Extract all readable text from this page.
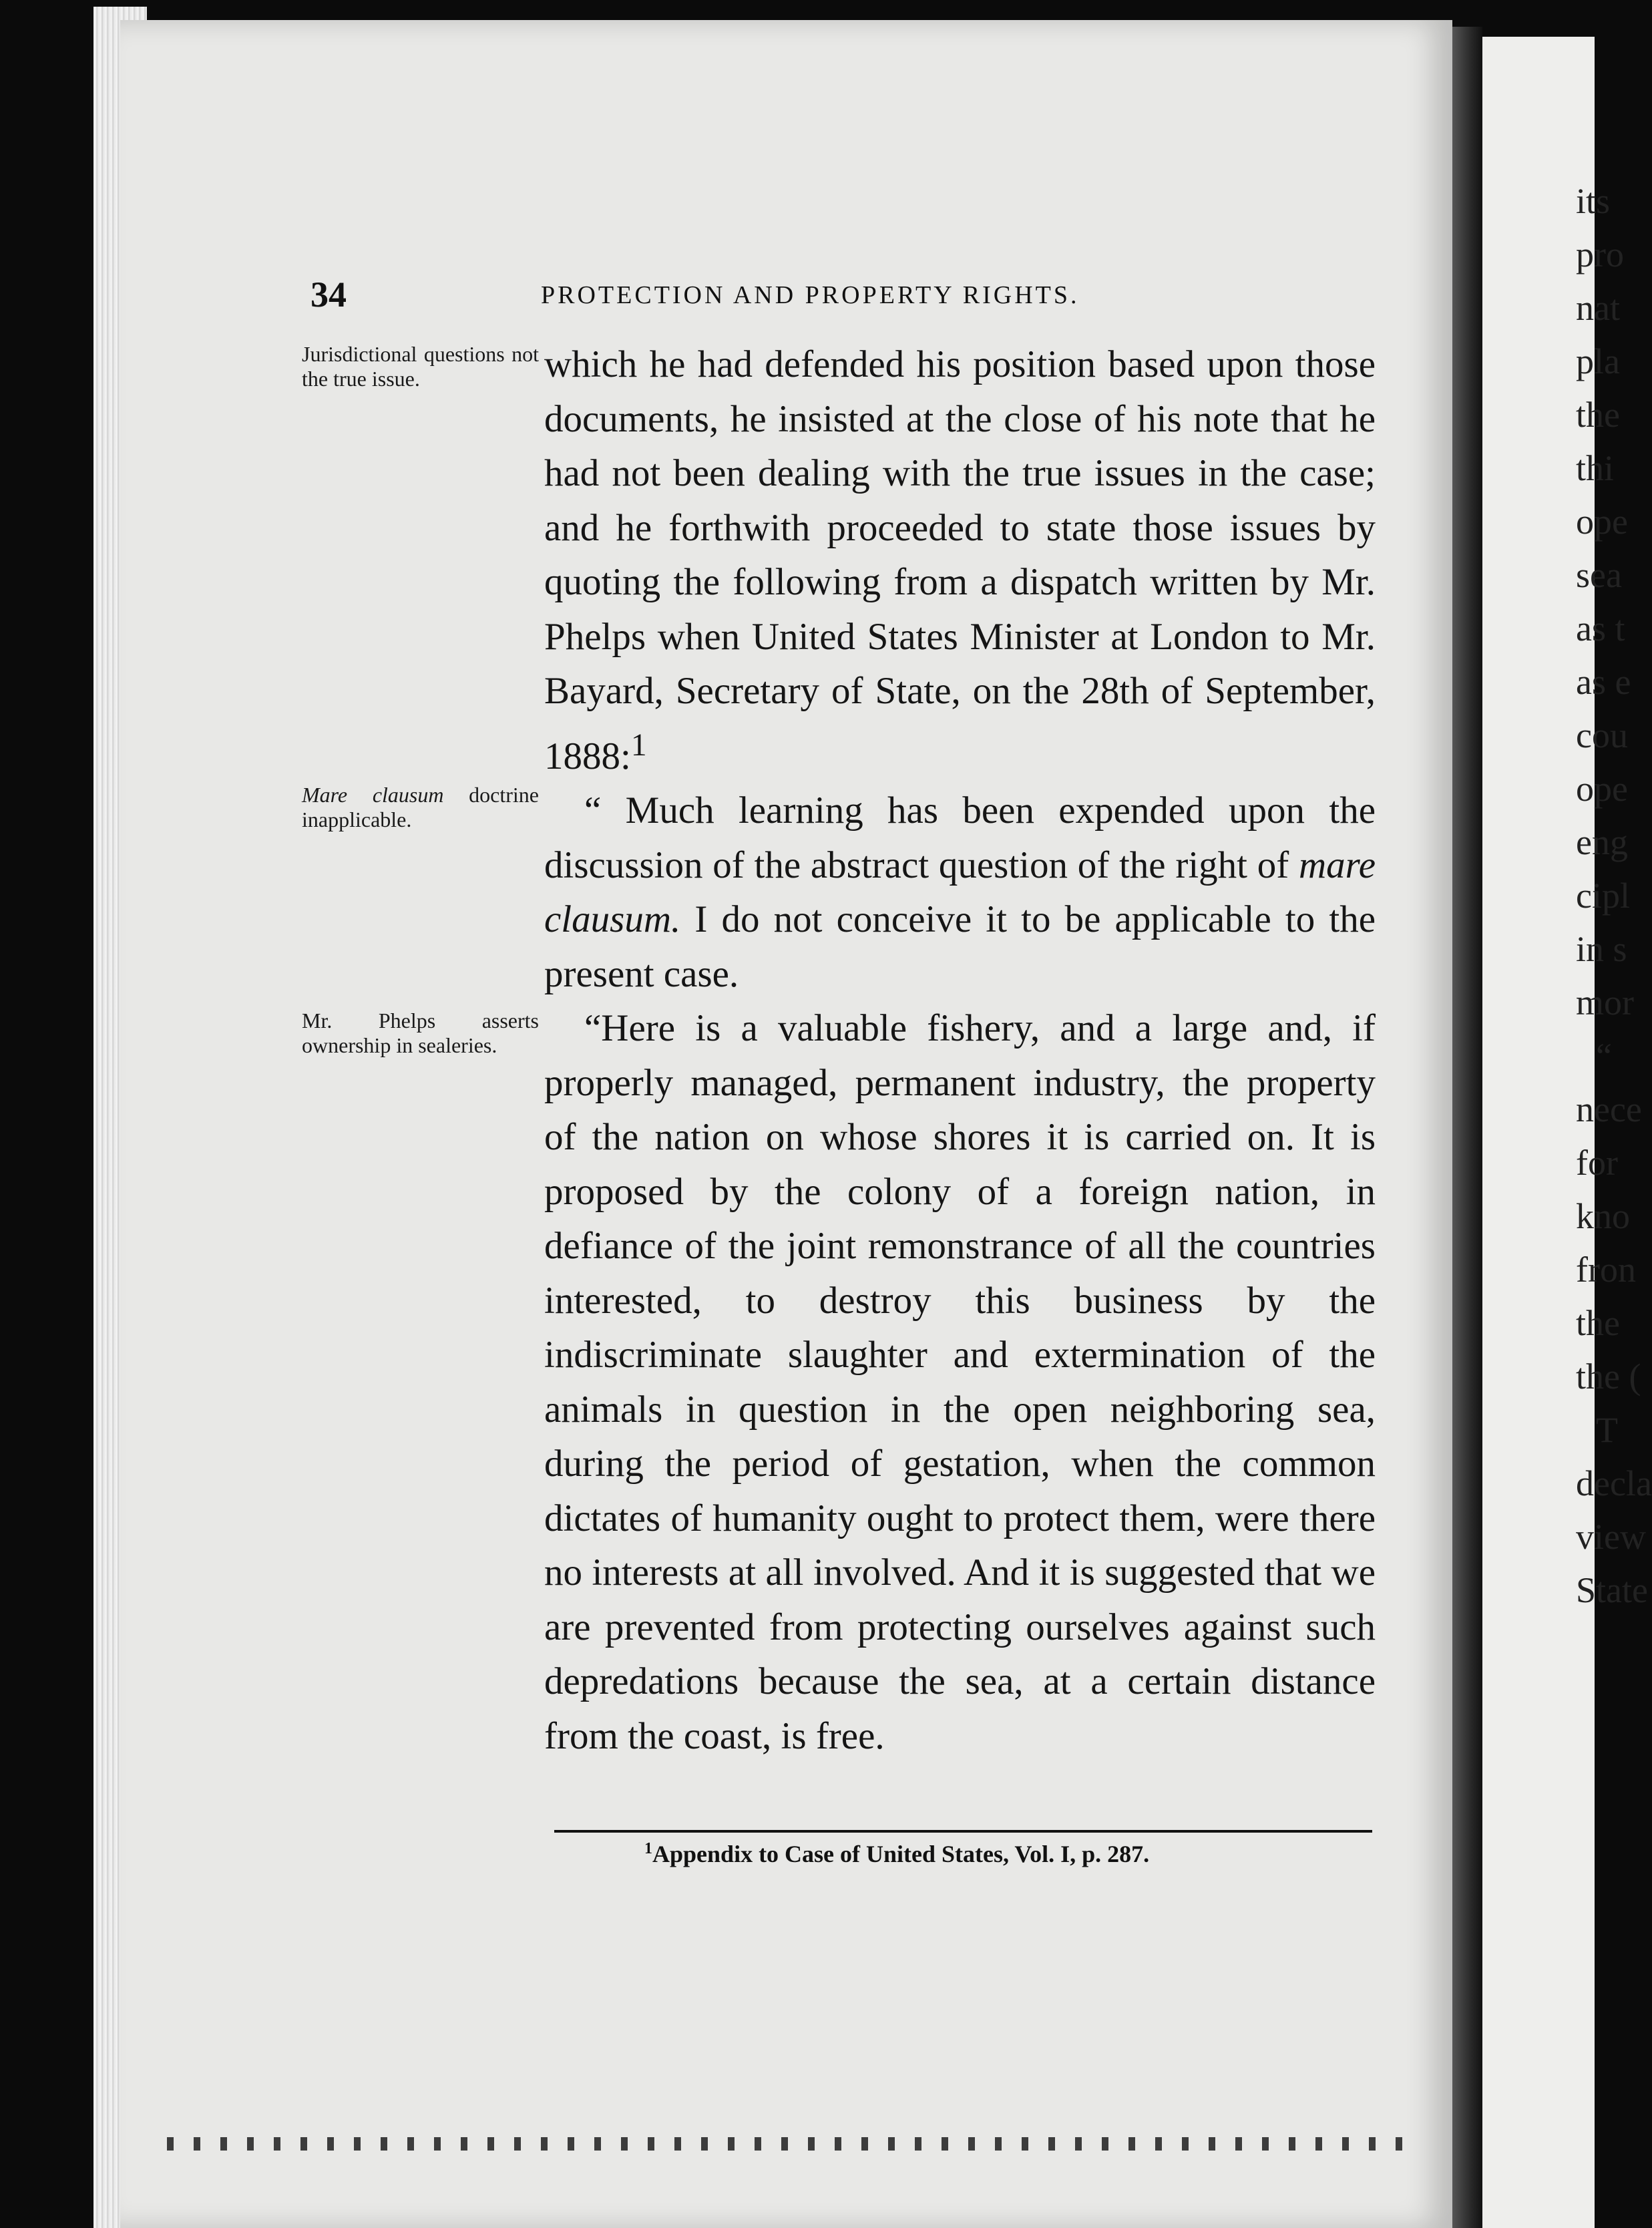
its
pro
nat
pla
the
thi
ope
sea
as t
as e
cou
ope
eng
cipl
in s
mor
“
nece
for
kno
fron
the
the (
T
decla
view
State
34	PROTECTION AND PROPERTY RIGHTS.
Jurisdictional questions not the true issue.
Mare clausum doctrine inapplicable.
Mr. Phelps asserts ownership in sealeries.

which he had defended his position based upon those documents, he insisted at the close of his note that he had not been dealing with the true issues in the case; and he forthwith proceeded to state those issues by quoting the following from a dispatch written by Mr. Phelps when United States Minister at London to Mr. Bayard, Secretary of State, on the 28th of September, 1888:$^1$

“ Much learning has been expended upon the discussion of the abstract question of the right of mare clausum. I do not conceive it to be applicable to the present case.

“Here is a valuable fishery, and a large and, if properly managed, permanent industry, the property of the nation on whose shores it is carried on. It is proposed by the colony of a foreign nation, in defiance of the joint remonstrance of all the countries interested, to destroy this business by the indiscriminate slaughter and extermination of the animals in question in the open neighboring sea, during the period of gestation, when the common dictates of humanity ought to protect them, were there no interests at all involved. And it is suggested that we are prevented from protecting ourselves against such depredations because the sea, at a certain distance from the coast, is free.

$^1$Appendix to Case of United States, Vol. I, p. 287.
